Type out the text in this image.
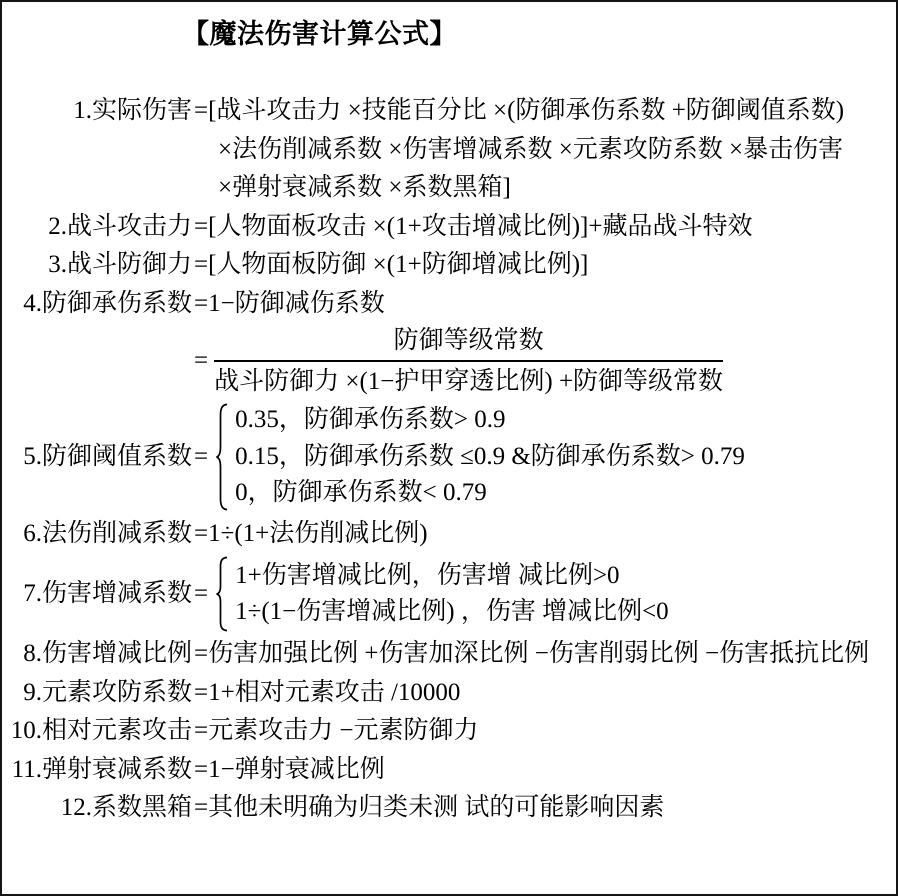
【魔法伤害计算公式】
1.实际伤害 =[战斗攻击力 ×技能百分比 ×(防御承伤系数 +防御阈值系数)
×法伤削减系数 ×伤害增减系数 ×元素攻防系数 ×暴击伤害
×弹射衰减系数 ×系数黑箱]
2.战斗攻击力 =[人物面板攻击 ×(1+攻击增减比例)]+藏品战斗特效
3.战斗防御力 =[人物面板防御 ×(1+防御增减比例)]
4.防御承伤系数 =1−防御减伤系数
= $\frac{\text{防御等级常数}}{\text{战斗防御力 ×(1−护甲穿透比例) +防御等级常数}}$
5.防御阈值系数 =
0.35，防御承伤系数> 0.9
0.15，防御承伤系数 ≤0.9 &防御承伤系数> 0.79
0，防御承伤系数< 0.79
6.法伤削减系数 =1÷(1+法伤削减比例)
7.伤害增减系数 =
1+伤害增减比例，伤害增 减比例>0
1÷(1−伤害增减比例) ，伤害 增减比例<0
8.伤害增减比例 =伤害加强比例 +伤害加深比例 −伤害削弱比例 −伤害抵抗比例
9.元素攻防系数 =1+相对元素攻击 /10000
10.相对元素攻击 =元素攻击力 −元素防御力
11.弹射衰减系数 =1−弹射衰减比例
12.系数黑箱 =其他未明确为归类未测 试的可能影响因素
